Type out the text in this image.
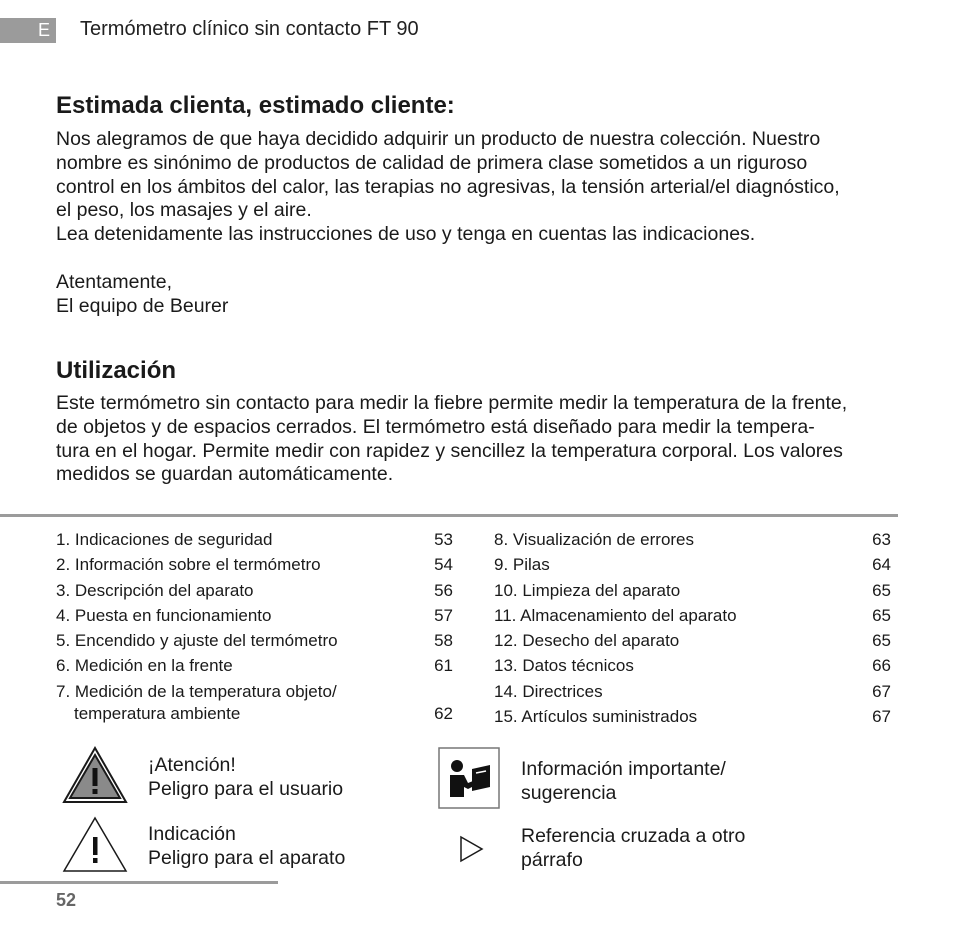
E Termómetro clínico sin contacto FT 90
Estimada clienta, estimado cliente:

Nos alegramos de que haya decidido adquirir un producto de nuestra colección. Nuestro

nombre es sinónimo de productos de calidad de primera clase sometidos a un riguroso

control en los ámbitos del calor, las terapias no agresivas, la tensión arterial/el diagnóstico,

el peso, los masajes y el aire.

Lea detenidamente las instrucciones de uso y tenga en cuentas las indicaciones.

Atentamente,

El equipo de Beurer

Utilización

Este termómetro sin contacto para medir la fiebre permite medir la temperatura de la frente,

de objetos y de espacios cerrados. El termómetro está diseñado para medir la tempera-

tura en el hogar. Permite medir con rapidez y sencillez la temperatura corporal. Los valores

medidos se guardan automáticamente.

1. Indicaciones de seguridad	53
2. Información sobre el termómetro	54
3. Descripción del aparato	56
4. Puesta en funcionamiento	57
5. Encendido y ajuste del termómetro	58
6. Medición en la frente	61
7. Medición de la temperatura objeto/
temperatura ambiente	62
8. Visualización de errores	63
9. Pilas	64
10. Limpieza del aparato	65
11. Almacenamiento del aparato	65
12. Desecho del aparato	65
13. Datos técnicos	66
14. Directrices	67
15. Artículos suministrados	67
¡Atención!
Peligro para el usuario
Indicación
Peligro para el aparato
Información importante/
sugerencia
Referencia cruzada a otro
párrafo
52
